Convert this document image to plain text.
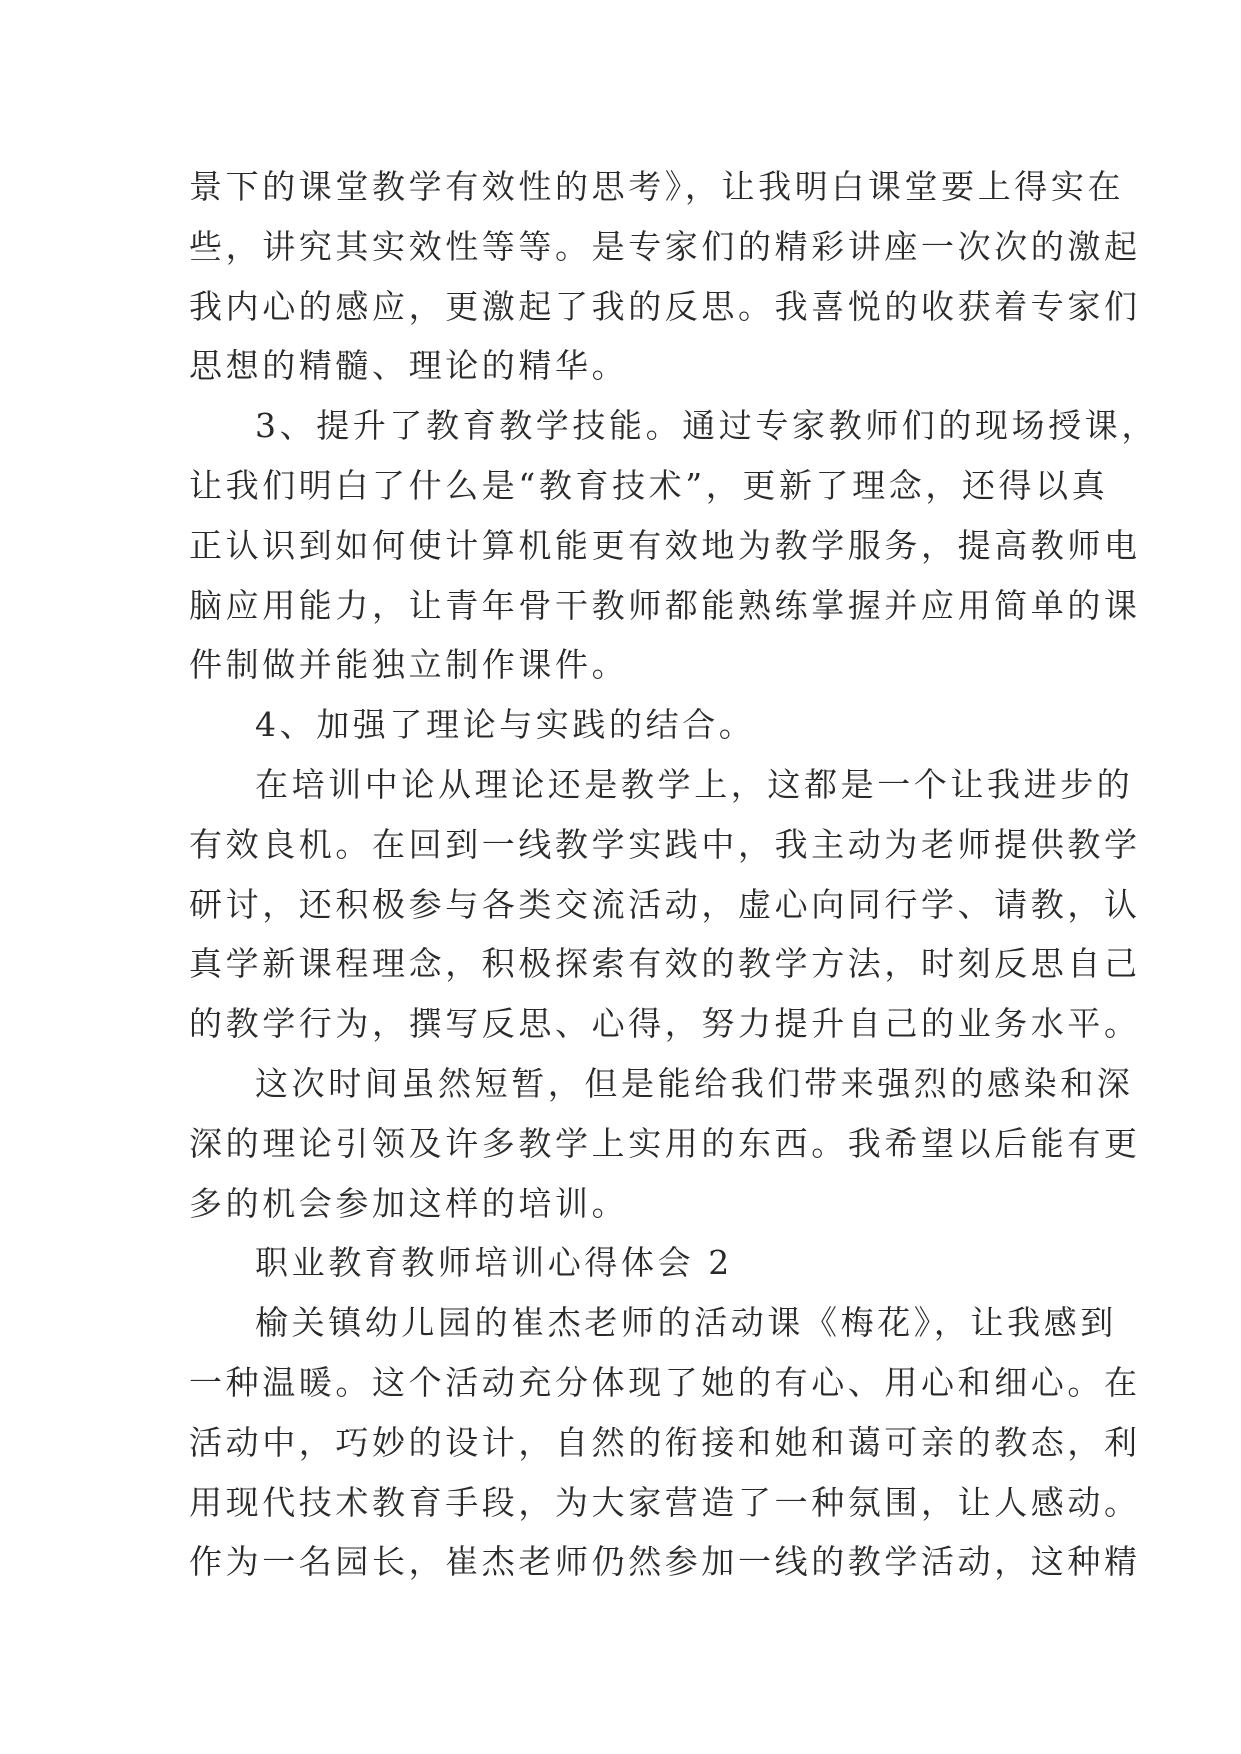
景下的课堂教学有效性的思考》，让我明白课堂要上得实在
些，讲究其实效性等等。是专家们的精彩讲座一次次的激起
我内心的感应，更激起了我的反思。我喜悦的收获着专家们
思想的精髓、理论的精华。
3、提升了教育教学技能。通过专家教师们的现场授课，
让我们明白了什么是“教育技术”，更新了理念，还得以真
正认识到如何使计算机能更有效地为教学服务，提高教师电
脑应用能力，让青年骨干教师都能熟练掌握并应用简单的课
件制做并能独立制作课件。
4、加强了理论与实践的结合。
在培训中论从理论还是教学上，这都是一个让我进步的
有效良机。在回到一线教学实践中，我主动为老师提供教学
研讨，还积极参与各类交流活动，虚心向同行学、请教，认
真学新课程理念，积极探索有效的教学方法，时刻反思自己
的教学行为，撰写反思、心得，努力提升自己的业务水平。
这次时间虽然短暂，但是能给我们带来强烈的感染和深
深的理论引领及许多教学上实用的东西。我希望以后能有更
多的机会参加这样的培训。
职业教育教师培训心得体会 2
榆关镇幼儿园的崔杰老师的活动课《梅花》，让我感到
一种温暖。这个活动充分体现了她的有心、用心和细心。在
活动中，巧妙的设计，自然的衔接和她和蔼可亲的教态，利
用现代技术教育手段，为大家营造了一种氛围，让人感动。
作为一名园长，崔杰老师仍然参加一线的教学活动，这种精
